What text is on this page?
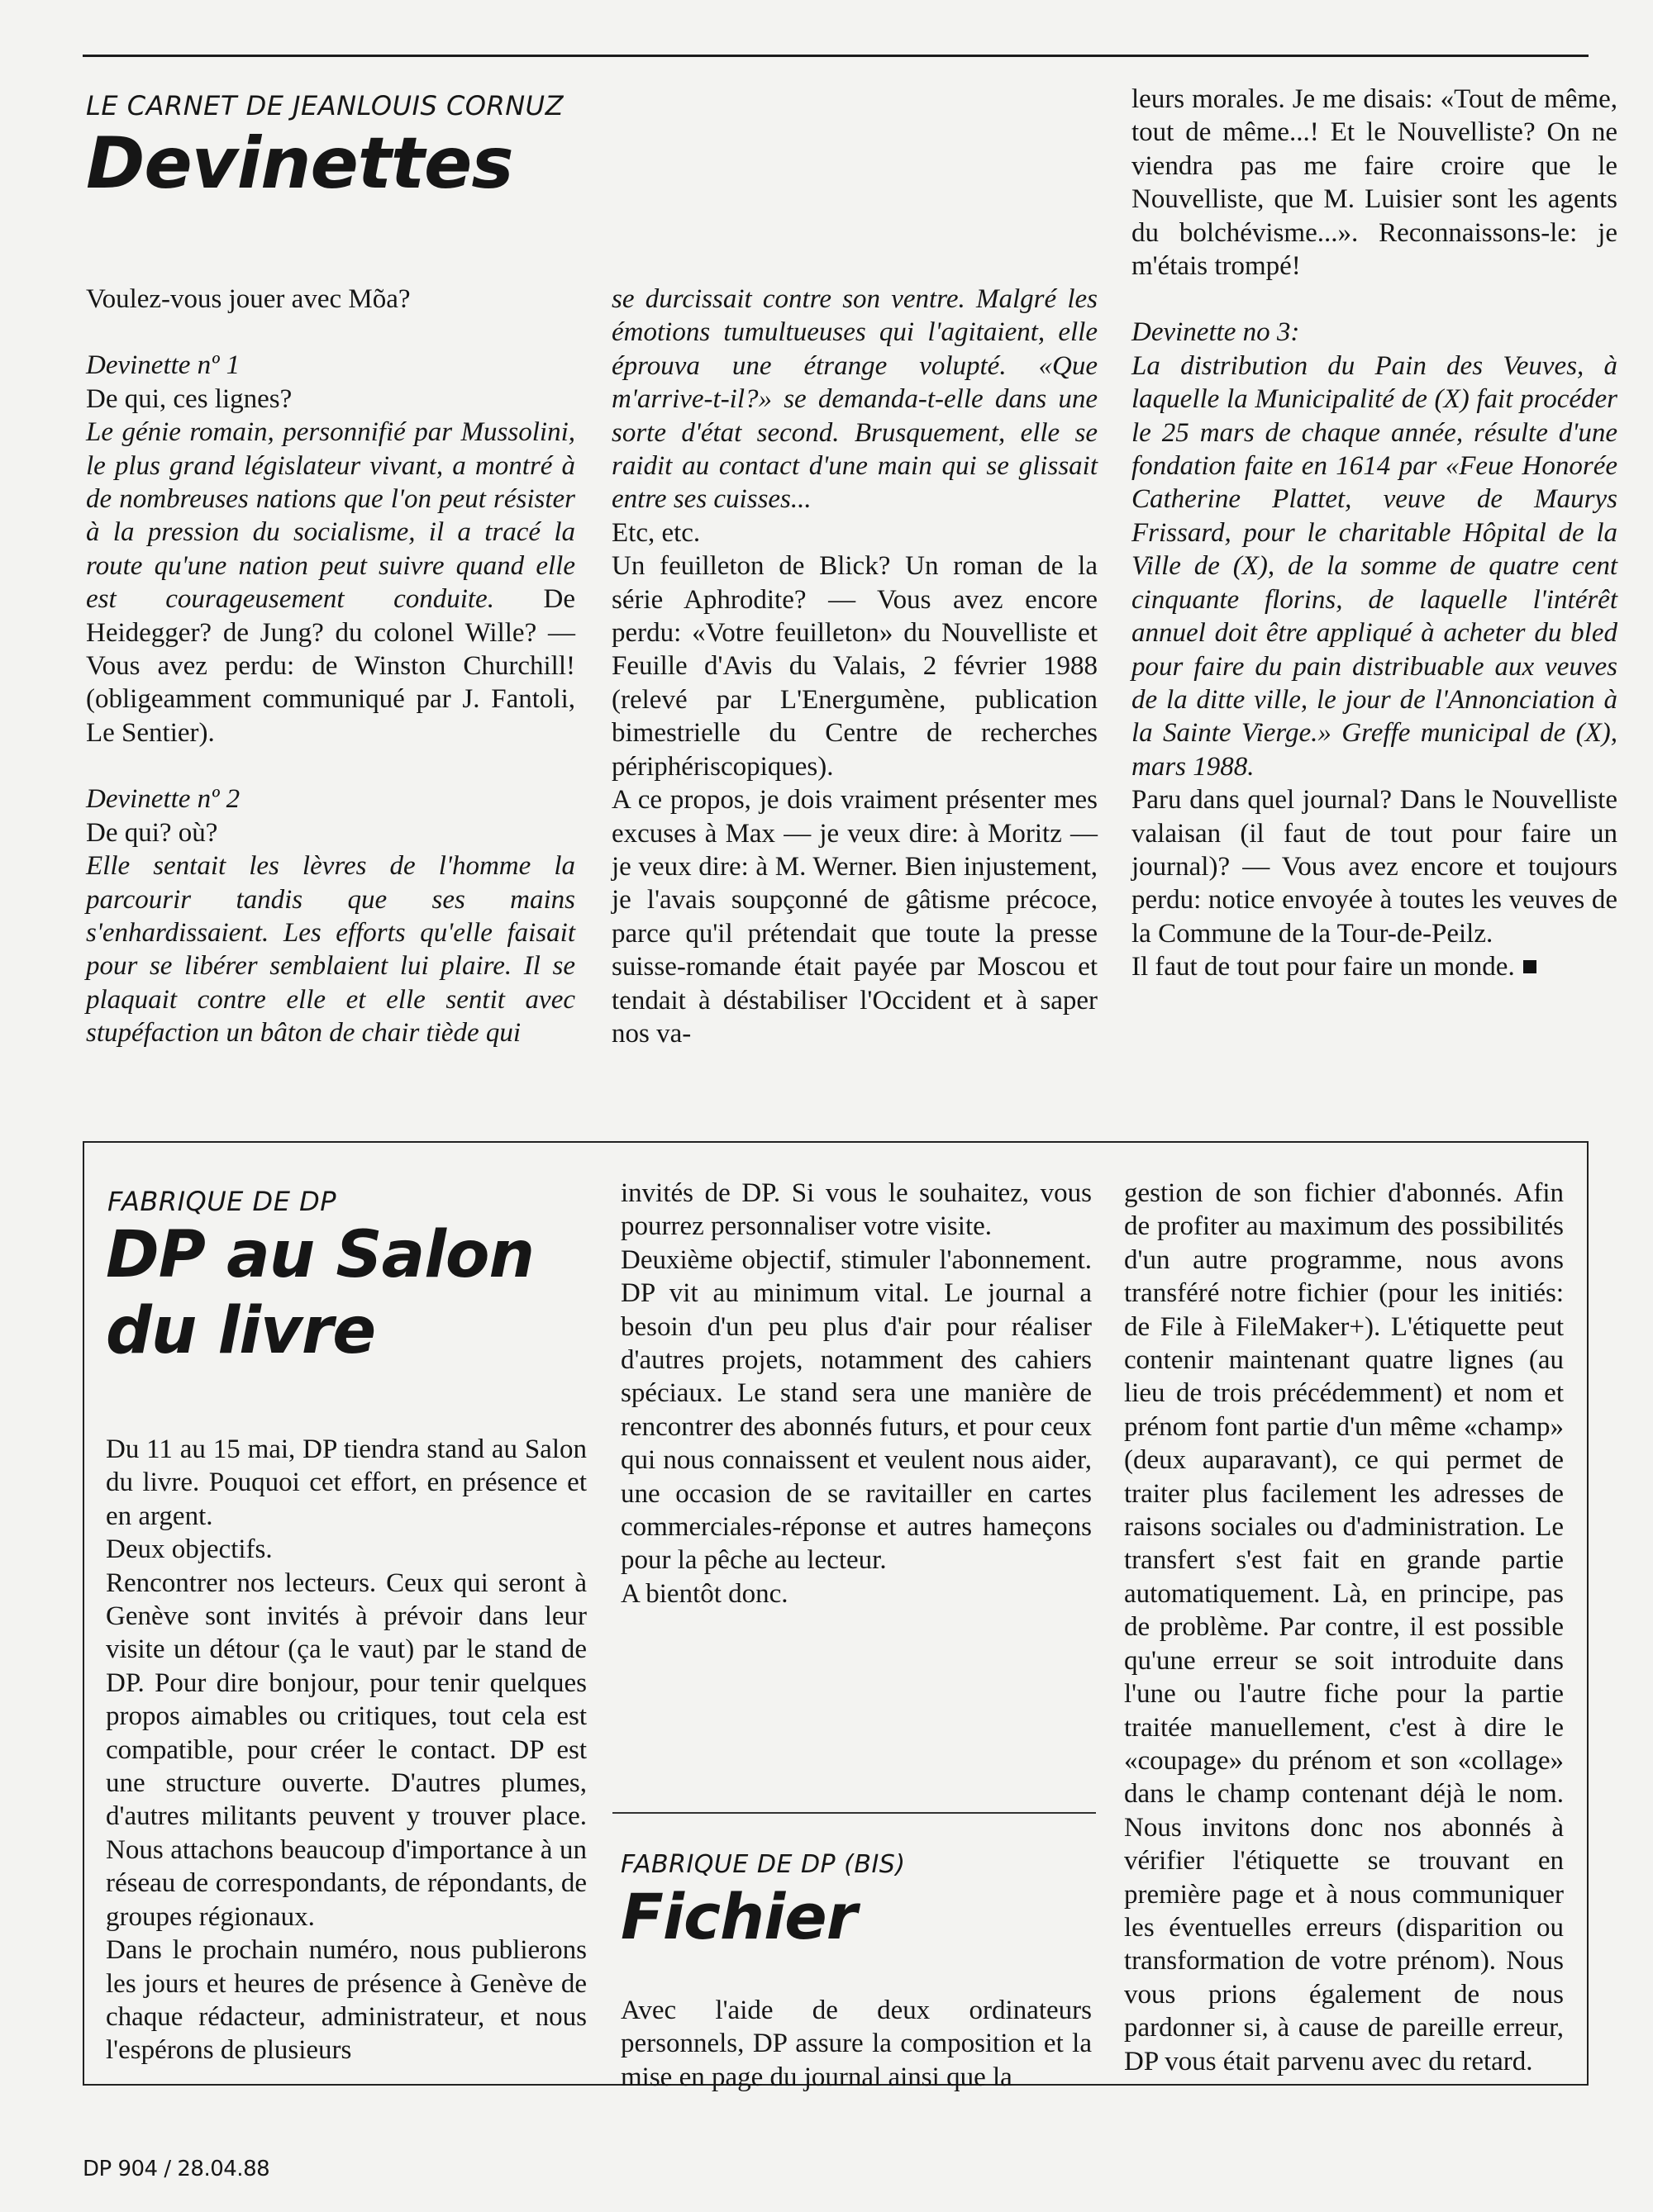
LE CARNET DE JEANLOUIS CORNUZ
Devinettes

Voulez-vous jouer avec Mõa?

Devinette nº 1

De qui, ces lignes?

Le génie romain, personnifié par Mussolini, le plus grand législateur vivant, a montré à de nombreuses nations que l'on peut résister à la pression du socialisme, il a tracé la route qu'une nation peut suivre quand elle est courageusement conduite. De Heidegger? de Jung? du colonel Wille? — Vous avez perdu: de Winston Churchill! (obligeamment communiqué par J. Fantoli, Le Sentier).

Devinette nº 2

De qui? où?

Elle sentait les lèvres de l'homme la parcourir tandis que ses mains s'enhardissaient. Les efforts qu'elle faisait pour se libérer semblaient lui plaire. Il se plaquait contre elle et elle sentit avec stupéfaction un bâton de chair tiède qui

se durcissait contre son ventre. Malgré les émotions tumultueuses qui l'agitaient, elle éprouva une étrange volupté. «Que m'arrive-t-il?» se demanda-t-elle dans une sorte d'état second. Brusquement, elle se raidit au contact d'une main qui se glissait entre ses cuisses...

Etc, etc.

Un feuilleton de Blick? Un roman de la série Aphrodite? — Vous avez encore perdu: «Votre feuilleton» du Nouvelliste et Feuille d'Avis du Valais, 2 février 1988 (relevé par L'Energumène, publication bimestrielle du Centre de recherches périphériscopiques).

A ce propos, je dois vraiment présenter mes excuses à Max — je veux dire: à Moritz — je veux dire: à M. Werner. Bien injustement, je l'avais soupçonné de gâtisme précoce, parce qu'il prétendait que toute la presse suisse-romande était payée par Moscou et tendait à déstabiliser l'Occident et à saper nos va-

leurs morales. Je me disais: «Tout de même, tout de même...! Et le Nouvelliste? On ne viendra pas me faire croire que le Nouvelliste, que M. Luisier sont les agents du bolchévisme...». Reconnaissons-le: je m'étais trompé!

Devinette no 3:

La distribution du Pain des Veuves, à laquelle la Municipalité de (X) fait procéder le 25 mars de chaque année, résulte d'une fondation faite en 1614 par «Feue Honorée Catherine Plattet, veuve de Maurys Frissard, pour le charitable Hôpital de la Ville de (X), de la somme de quatre cent cinquante florins, de laquelle l'intérêt annuel doit être appliqué à acheter du bled pour faire du pain distribuable aux veuves de la ditte ville, le jour de l'Annonciation à la Sainte Vierge.» Greffe municipal de (X), mars 1988.

Paru dans quel journal? Dans le Nouvelliste valaisan (il faut de tout pour faire un journal)? — Vous avez encore et toujours perdu: notice envoyée à toutes les veuves de la Commune de la Tour-de-Peilz.

Il faut de tout pour faire un monde.

FABRIQUE DE DP
DP au Salon
du livre

Du 11 au 15 mai, DP tiendra stand au Salon du livre. Pouquoi cet effort, en présence et en argent.

Deux objectifs.

Rencontrer nos lecteurs. Ceux qui seront à Genève sont invités à prévoir dans leur visite un détour (ça le vaut) par le stand de DP. Pour dire bonjour, pour tenir quelques propos aimables ou critiques, tout cela est compatible, pour créer le contact. DP est une structure ouverte. D'autres plumes, d'autres militants peuvent y trouver place. Nous attachons beaucoup d'importance à un réseau de correspondants, de répondants, de groupes régionaux.

Dans le prochain numéro, nous publierons les jours et heures de présence à Genève de chaque rédacteur, administrateur, et nous l'espérons de plusieurs

invités de DP. Si vous le souhaitez, vous pourrez personnaliser votre visite.

Deuxième objectif, stimuler l'abonnement. DP vit au minimum vital. Le journal a besoin d'un peu plus d'air pour réaliser d'autres projets, notamment des cahiers spéciaux. Le stand sera une manière de rencontrer des abonnés futurs, et pour ceux qui nous connaissent et veulent nous aider, une occasion de se ravitailler en cartes commerciales-réponse et autres hameçons pour la pêche au lecteur.

A bientôt donc.

FABRIQUE DE DP (BIS)
Fichier

Avec l'aide de deux ordinateurs personnels, DP assure la composition et la mise en page du journal ainsi que la

gestion de son fichier d'abonnés. Afin de profiter au maximum des possibilités d'un autre programme, nous avons transféré notre fichier (pour les initiés: de File à FileMaker+). L'étiquette peut contenir maintenant quatre lignes (au lieu de trois précédemment) et nom et prénom font partie d'un même «champ» (deux auparavant), ce qui permet de traiter plus facilement les adresses de raisons sociales ou d'administration. Le transfert s'est fait en grande partie automatiquement. Là, en principe, pas de problème. Par contre, il est possible qu'une erreur se soit introduite dans l'une ou l'autre fiche pour la partie traitée manuellement, c'est à dire le «coupage» du prénom et son «collage» dans le champ contenant déjà le nom. Nous invitons donc nos abonnés à vérifier l'étiquette se trouvant en première page et à nous communiquer les éventuelles erreurs (disparition ou transformation de votre prénom). Nous vous prions également de nous pardonner si, à cause de pareille erreur, DP vous était parvenu avec du retard.

DP 904 / 28.04.88
